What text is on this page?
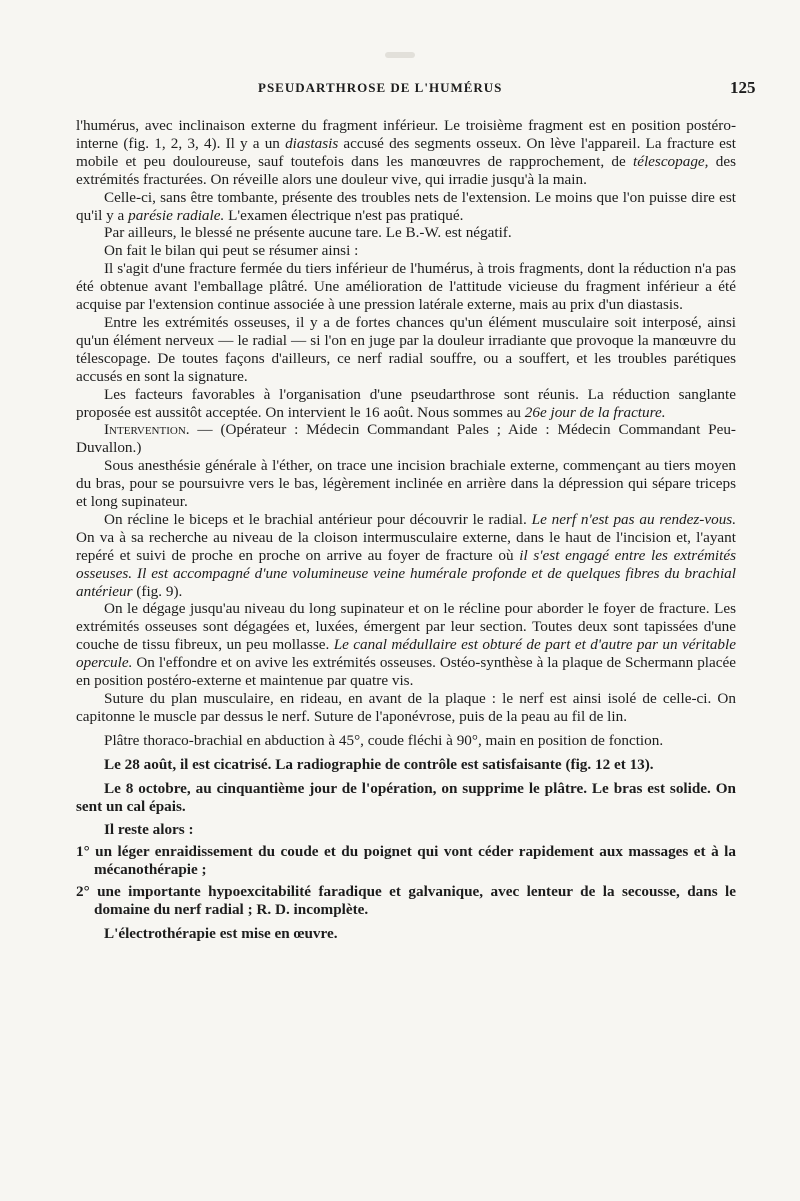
PSEUDARTHROSE DE L'HUMÉRUS	125

l'humérus, avec inclinaison externe du fragment inférieur. Le troisième fragment est en position postéro-interne (fig. 1, 2, 3, 4). Il y a un diastasis accusé des segments osseux. On lève l'appareil. La fracture est mobile et peu douloureuse, sauf toutefois dans les manœuvres de rapprochement, de télescopage, des extrémités fracturées. On réveille alors une douleur vive, qui irradie jusqu'à la main.

Celle-ci, sans être tombante, présente des troubles nets de l'extension. Le moins que l'on puisse dire est qu'il y a parésie radiale. L'examen électrique n'est pas pratiqué.

Par ailleurs, le blessé ne présente aucune tare. Le B.-W. est négatif.

On fait le bilan qui peut se résumer ainsi :

Il s'agit d'une fracture fermée du tiers inférieur de l'humérus, à trois fragments, dont la réduction n'a pas été obtenue avant l'emballage plâtré. Une amélioration de l'attitude vicieuse du fragment inférieur a été acquise par l'extension continue associée à une pression latérale externe, mais au prix d'un diastasis.

Entre les extrémités osseuses, il y a de fortes chances qu'un élément musculaire soit interposé, ainsi qu'un élément nerveux — le radial — si l'on en juge par la douleur irradiante que provoque la manœuvre du télescopage. De toutes façons d'ailleurs, ce nerf radial souffre, ou a souffert, et les troubles parétiques accusés en sont la signature.

Les facteurs favorables à l'organisation d'une pseudarthrose sont réunis. La réduction sanglante proposée est aussitôt acceptée. On intervient le 16 août. Nous sommes au 26e jour de la fracture.

Intervention. — (Opérateur : Médecin Commandant Pales ; Aide : Médecin Commandant Peu-Duvallon.)

Sous anesthésie générale à l'éther, on trace une incision brachiale externe, commençant au tiers moyen du bras, pour se poursuivre vers le bas, légèrement inclinée en arrière dans la dépression qui sépare triceps et long supinateur.

On récline le biceps et le brachial antérieur pour découvrir le radial. Le nerf n'est pas au rendez-vous. On va à sa recherche au niveau de la cloison intermusculaire externe, dans le haut de l'incision et, l'ayant repéré et suivi de proche en proche on arrive au foyer de fracture où il s'est engagé entre les extrémités osseuses. Il est accompagné d'une volumineuse veine humérale profonde et de quelques fibres du brachial antérieur (fig. 9).

On le dégage jusqu'au niveau du long supinateur et on le récline pour aborder le foyer de fracture. Les extrémités osseuses sont dégagées et, luxées, émergent par leur section. Toutes deux sont tapissées d'une couche de tissu fibreux, un peu mollasse. Le canal médullaire est obturé de part et d'autre par un véritable opercule. On l'effondre et on avive les extrémités osseuses. Ostéo-synthèse à la plaque de Schermann placée en position postéro-externe et maintenue par quatre vis.

Suture du plan musculaire, en rideau, en avant de la plaque : le nerf est ainsi isolé de celle-ci. On capitonne le muscle par dessus le nerf. Suture de l'aponévrose, puis de la peau au fil de lin.

Plâtre thoraco-brachial en abduction à 45°, coude fléchi à 90°, main en position de fonction.

Le 28 août, il est cicatrisé. La radiographie de contrôle est satisfaisante (fig. 12 et 13).

Le 8 octobre, au cinquantième jour de l'opération, on supprime le plâtre. Le bras est solide. On sent un cal épais.

Il reste alors :

1° un léger enraidissement du coude et du poignet qui vont céder rapidement aux massages et à la mécanothérapie ;

2° une importante hypoexcitabilité faradique et galvanique, avec lenteur de la secousse, dans le domaine du nerf radial ; R. D. incomplète.

L'électrothérapie est mise en œuvre.
